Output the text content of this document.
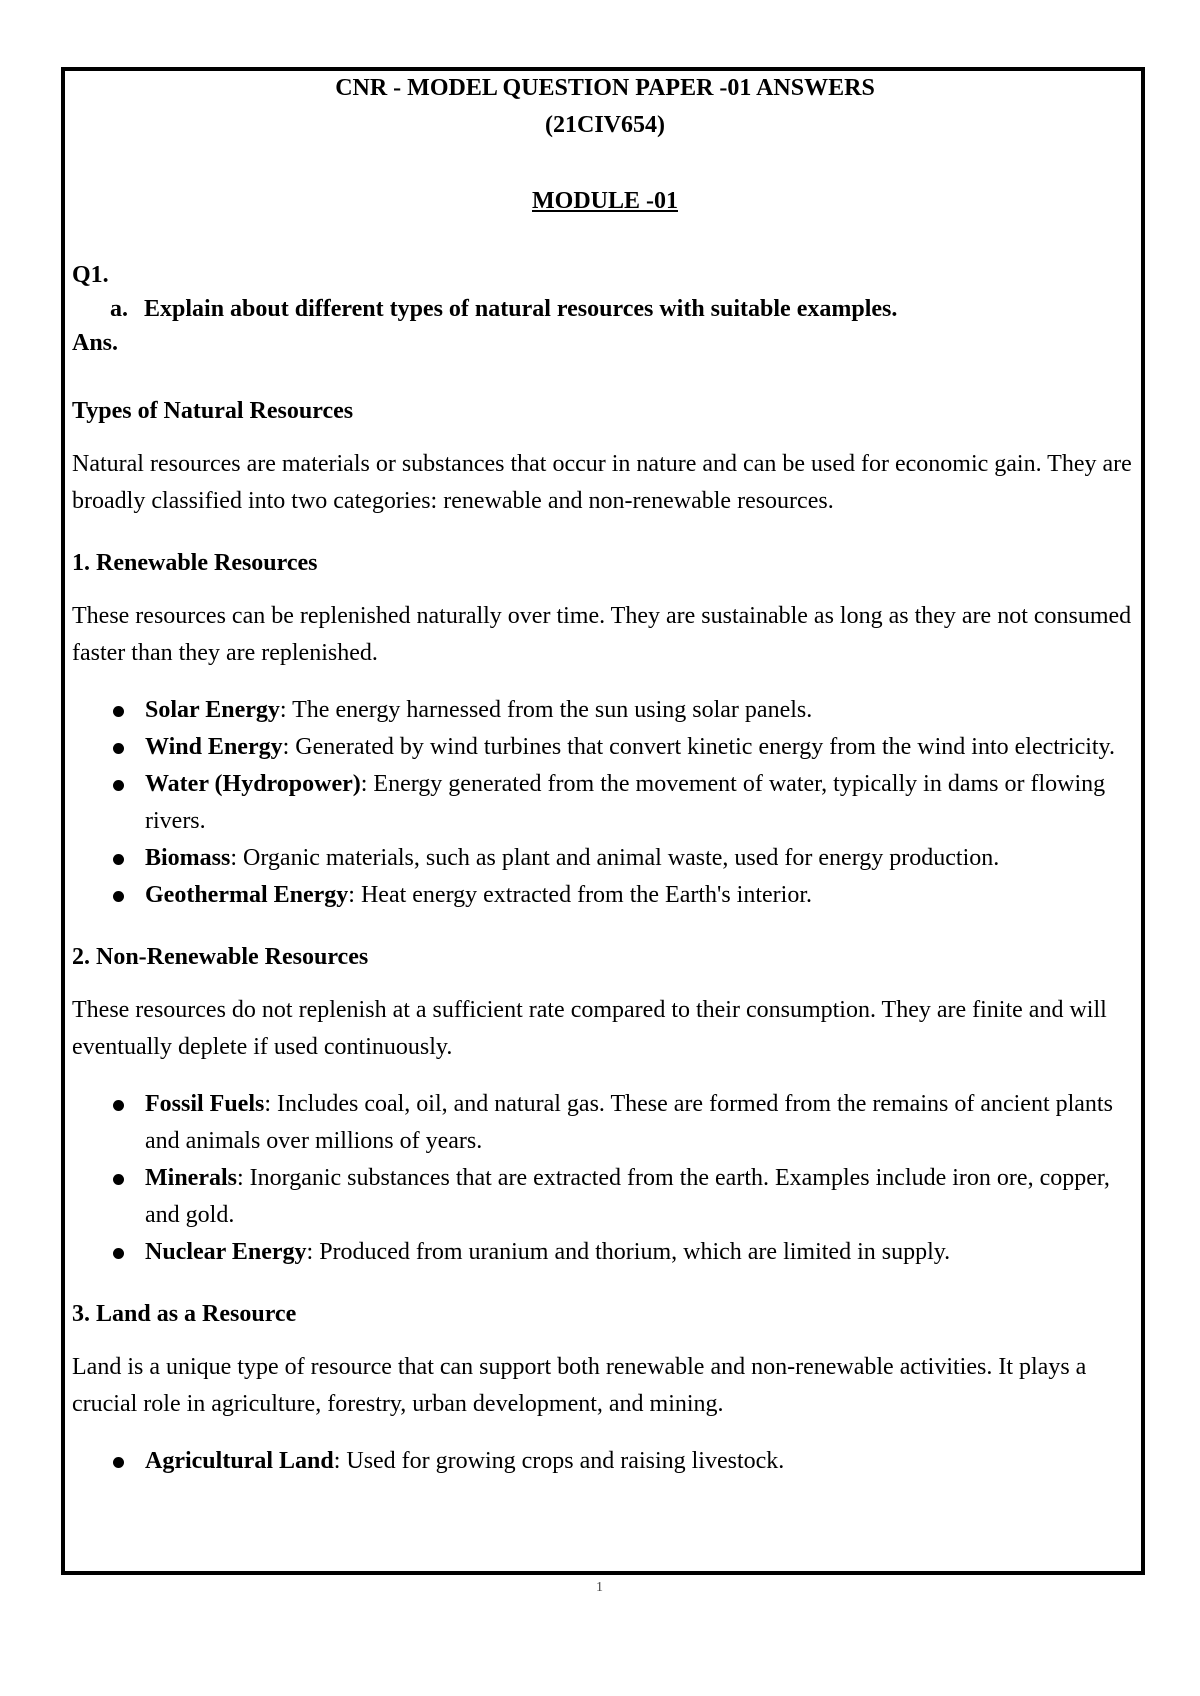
CNR - MODEL QUESTION PAPER -01 ANSWERS
(21CIV654)
MODULE -01
Q1.
a. Explain about different types of natural resources with suitable examples.
Ans.
Types of Natural Resources
Natural resources are materials or substances that occur in nature and can be used for economic gain. They are broadly classified into two categories: renewable and non-renewable resources.
1. Renewable Resources
These resources can be replenished naturally over time. They are sustainable as long as they are not consumed faster than they are replenished.
Solar Energy: The energy harnessed from the sun using solar panels.
Wind Energy: Generated by wind turbines that convert kinetic energy from the wind into electricity.
Water (Hydropower): Energy generated from the movement of water, typically in dams or flowing rivers.
Biomass: Organic materials, such as plant and animal waste, used for energy production.
Geothermal Energy: Heat energy extracted from the Earth's interior.
2. Non-Renewable Resources
These resources do not replenish at a sufficient rate compared to their consumption. They are finite and will eventually deplete if used continuously.
Fossil Fuels: Includes coal, oil, and natural gas. These are formed from the remains of ancient plants and animals over millions of years.
Minerals: Inorganic substances that are extracted from the earth. Examples include iron ore, copper, and gold.
Nuclear Energy: Produced from uranium and thorium, which are limited in supply.
3. Land as a Resource
Land is a unique type of resource that can support both renewable and non-renewable activities. It plays a crucial role in agriculture, forestry, urban development, and mining.
Agricultural Land: Used for growing crops and raising livestock.
1
